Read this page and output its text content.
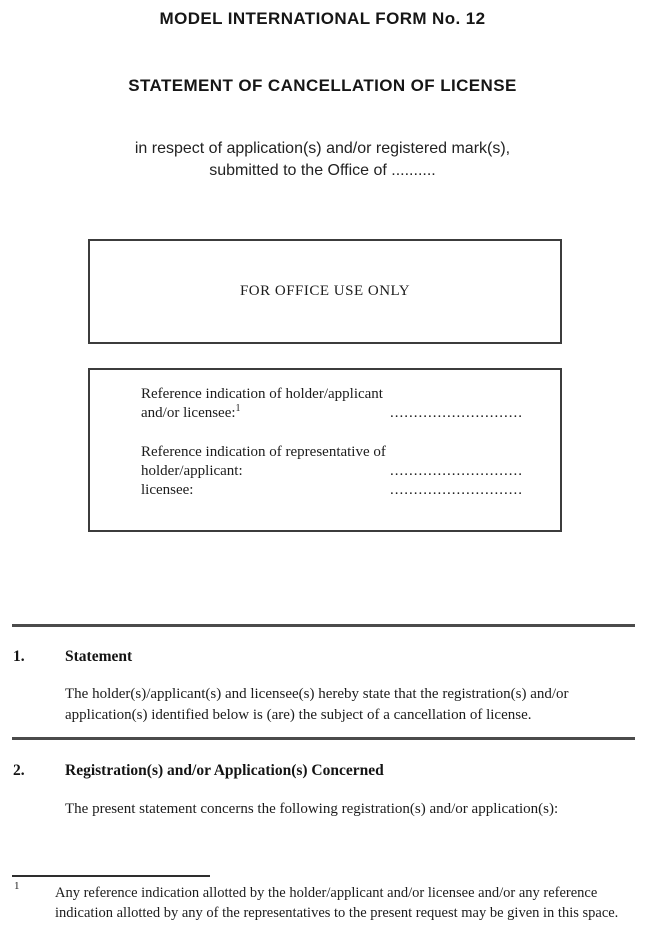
MODEL INTERNATIONAL FORM No. 12
STATEMENT OF CANCELLATION OF LICENSE
in respect of application(s) and/or registered mark(s),
submitted to the Office of ..........
FOR OFFICE USE ONLY
Reference indication of holder/applicant
and/or licensee:$^1$	............................
Reference indication of representative of
holder/applicant:	............................
licensee:	............................
1.	Statement
The holder(s)/applicant(s) and licensee(s) hereby state that the registration(s) and/or application(s) identified below is (are) the subject of a cancellation of license.
2.	Registration(s) and/or Application(s) Concerned
The present statement concerns the following registration(s) and/or application(s):
1 Any reference indication allotted by the holder/applicant and/or licensee and/or any reference indication allotted by any of the representatives to the present request may be given in this space.
